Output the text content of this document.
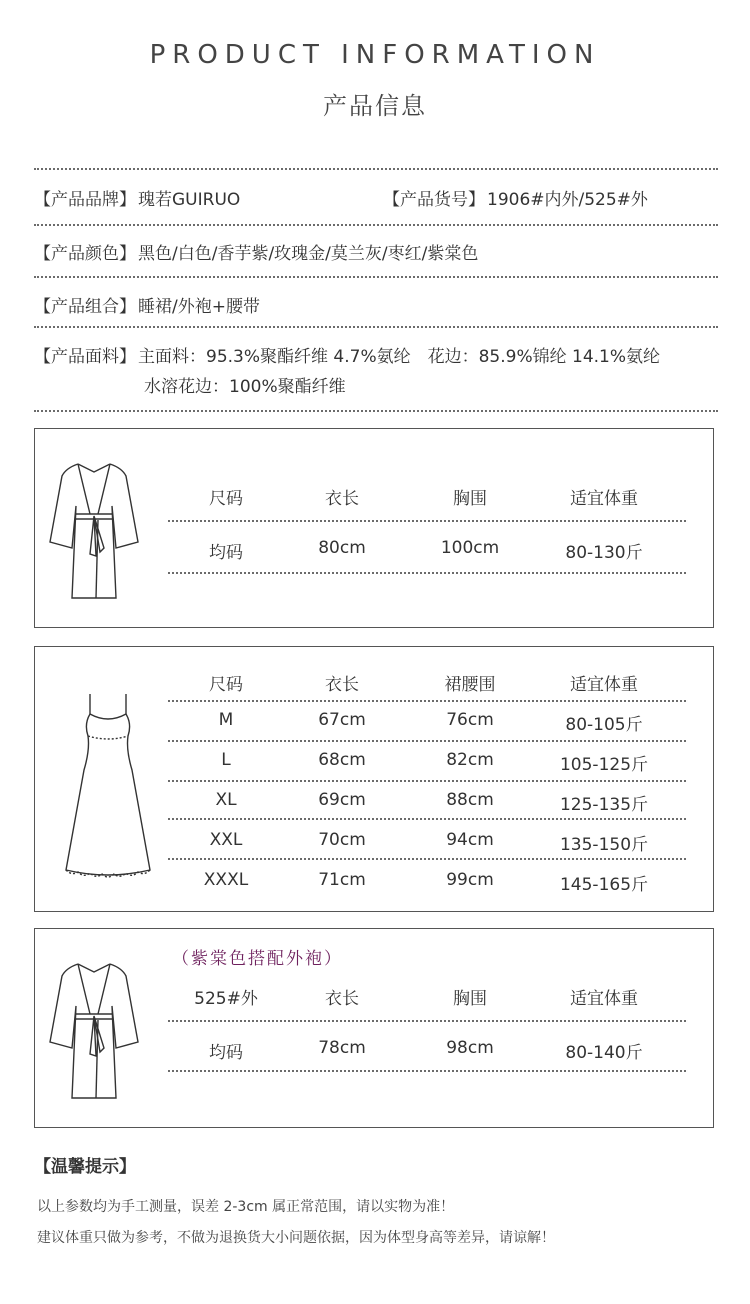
PRODUCT INFORMATION
产品信息
【产品品牌】 瑰若GUIRUO	【产品货号】 1906#内外/525#外
【产品颜色】 黑色/白色/香芋紫/玫瑰金/莫兰灰/枣红/紫棠色
【产品组合】 睡裙/外袍+腰带
【产品面料】 主面料：95.3%聚酯纤维 4.7%氨纶　花边：85.9%锦纶 14.1%氨纶
水溶花边：100%聚酯纤维
尺码	衣长	胸围	适宜体重
均码	80cm	100cm	80-130斤
尺码	衣长	裙腰围	适宜体重
M	67cm	76cm	80-105斤
L	68cm	82cm	105-125斤
XL	69cm	88cm	125-135斤
XXL	70cm	94cm	135-150斤
XXXL	71cm	99cm	145-165斤
（紫棠色搭配外袍）
525#外	衣长	胸围	适宜体重
均码	78cm	98cm	80-140斤
【温馨提示】
以上参数均为手工测量，误差 2-3cm 属正常范围，请以实物为准！
建议体重只做为参考，不做为退换货大小问题依据，因为体型身高等差异，请谅解！
